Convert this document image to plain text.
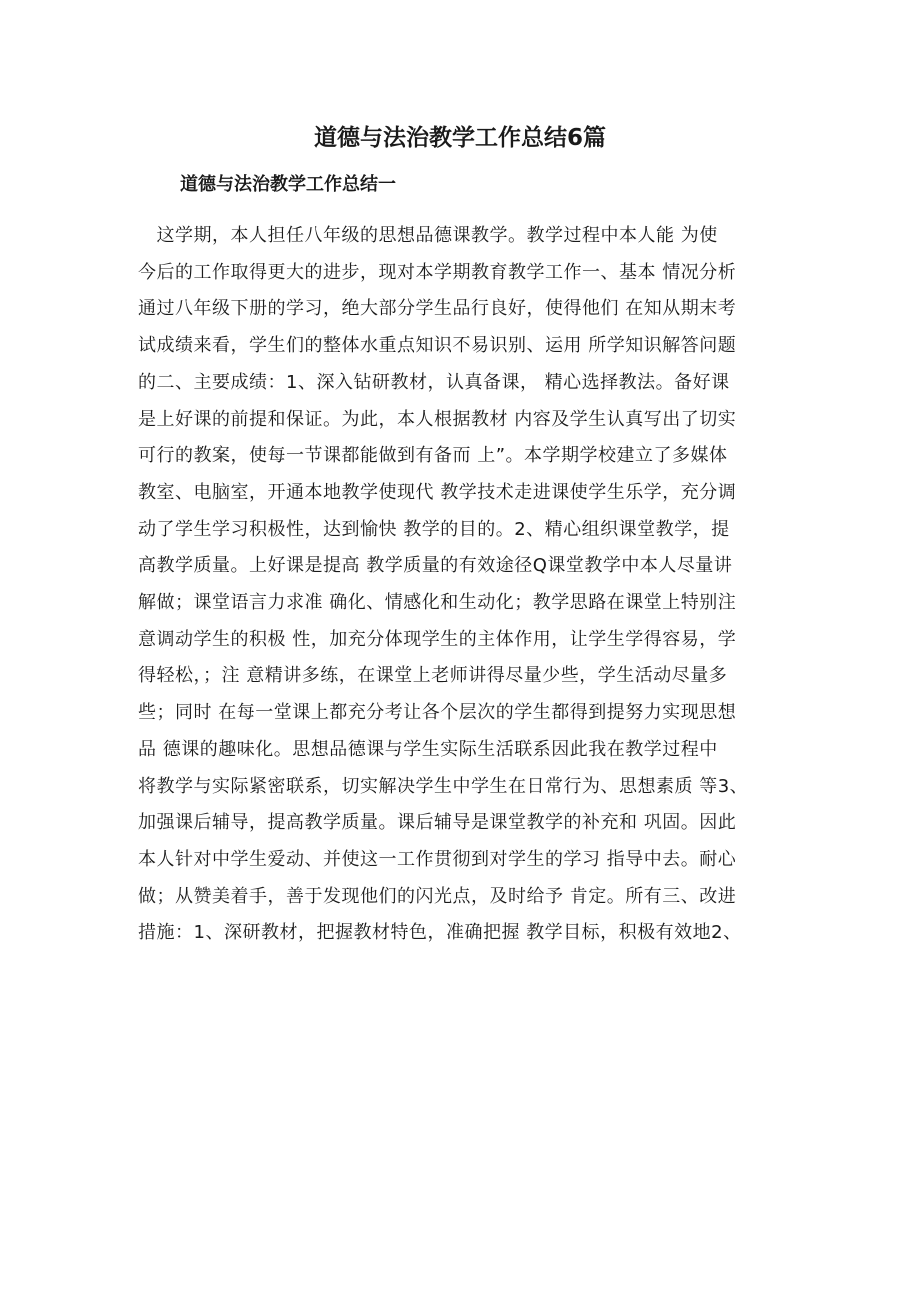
道德与法治教学工作总结6篇
道德与法治教学工作总结一
　这学期，本人担任八年级的思想品德课教学。教学过程中本人能 为使
今后的工作取得更大的进步，现对本学期教育教学工作一、基本 情况分析
通过八年级下册的学习，绝大部分学生品行良好，使得他们 在知从期末考
试成绩来看，学生们的整体水重点知识不易识别、运用 所学知识解答问题
的二、主要成绩：1、深入钻研教材，认真备课， 精心选择教法。备好课
是上好课的前提和保证。为此，本人根据教材 内容及学生认真写出了切实
可行的教案，使每一节课都能做到有备而 上”。本学期学校建立了多媒体
教室、电脑室，开通本地教学使现代 教学技术走进课使学生乐学，充分调
动了学生学习积极性，达到愉快 教学的目的。2、精心组织课堂教学，提
高教学质量。上好课是提高 教学质量的有效途径Q课堂教学中本人尽量讲
解做；课堂语言力求准 确化、情感化和生动化；教学思路在课堂上特别注
意调动学生的积极 性，加充分体现学生的主体作用，让学生学得容易，学
得轻松，；注 意精讲多练，在课堂上老师讲得尽量少些，学生活动尽量多
些；同时 在每一堂课上都充分考让各个层次的学生都得到提努力实现思想
品 德课的趣味化。思想品德课与学生实际生活联系因此我在教学过程中
将教学与实际紧密联系，切实解决学生中学生在日常行为、思想素质 等3、
加强课后辅导，提高教学质量。课后辅导是课堂教学的补充和 巩固。因此
本人针对中学生爱动、并使这一工作贯彻到对学生的学习 指导中去。耐心
做；从赞美着手，善于发现他们的闪光点，及时给予 肯定。所有三、改进
措施：1、深研教材，把握教材特色，准确把握 教学目标，积极有效地2、
